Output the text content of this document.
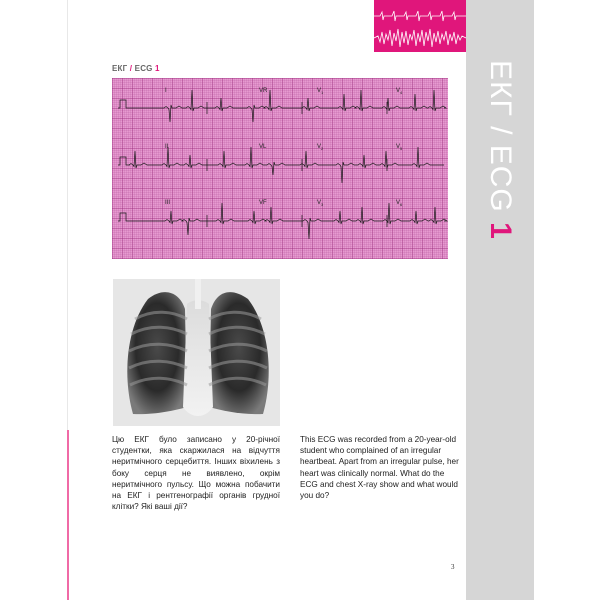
ЕКГ / ECG 1
ЕКГ / ECG 1
I	VR	$V_1$	$V_4$
II	VL	$V_2$	$V_5$
III	VF	$V_3$	$V_6$
Цю ЕКГ було записано у 20-річної студентки, яка скаржилася на відчуття неритмічного серцебиття. Інших віхилень з боку серця не виявлено, окрім неритмічного пульсу. Що можна побачити на ЕКГ і рентгенографії органів грудної клітки? Які ваші дії?
This ECG was recorded from a 20-year-old student who complained of an irregular heartbeat. Apart from an irregular pulse, her heart was clinically normal. What do the ECG and chest X-ray show and what would you do?
3
